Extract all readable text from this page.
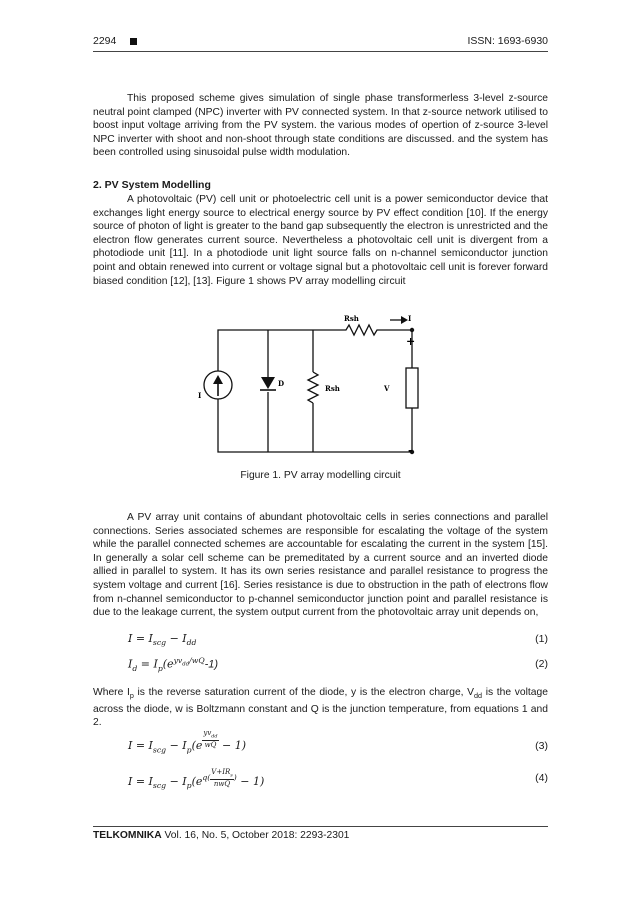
2294	ISSN: 1693-6930

This proposed scheme gives simulation of single phase transformerless 3-level z-source neutral point clamped (NPC) inverter with PV connected system. In that z-source network utilised to boost input voltage arriving from the PV system. the various modes of opertion of z-source 3-level NPC inverter with shoot and non-shoot through state conditions are discussed. and the system has been controlled using sinusoidal pulse width modulation.

2. PV System Modelling

A photovoltaic (PV) cell unit or photoelectric cell unit is a power semiconductor device that exchanges light energy source to electrical energy source by PV effect condition [10]. If the energy source of photon of light is greater to the band gap subsequently the electron is unrestricted and the electron flow generates current source. Nevertheless a photovoltaic cell unit is divergent from a photodiode unit [11]. In a photodiode unit light source falls on n-channel semiconductor junction point and obtain renewed into current or voltage signal but a photovoltaic cell unit is forever forward biased condition [12], [13]. Figure 1 shows PV array modelling circuit

Rsh	I
+
-
I
D
Rsh	V
Figure 1. PV array modelling circuit

A PV array unit contains of abundant photovoltaic cells in series connections and parallel connections. Series associated schemes are responsible for escalating the voltage of the system while the parallel connected schemes are accountable for escalating the current in the system [15]. In generally a solar cell scheme can be premeditated by a current source and an inverted diode allied in parallel to system. It has its own series resistance and parallel resistance to progress the system voltage and current [16]. Series resistance is due to obstruction in the path of electrons flow from n-channel semiconductor to p-channel semiconductor junction point and parallel resistance is due to the leakage current, the system output current from the photovoltaic array unit depends on,

$I = I_{scg} - I_{dd}$	(1)
$I_d = I_p(e^{yv_{dd}/wQ}-1)$	(2)

Where $I_p$ is the reverse saturation current of the diode, y is the electron charge, $V_{dd}$ is the voltage across the diode, w is Boltzmann constant and Q is the junction temperature, from equations 1 and 2.

$I = I_{scg} - I_p(e \frac{yv_{dd}}{wQ} - 1)$	(3)
$I = I_{scg} - I_p(e^{q( \frac{V+IR_s}{\text{nwQ}} )} - 1)$	(4)
TELKOMNIKA Vol. 16, No. 5, October 2018: 2293-2301
